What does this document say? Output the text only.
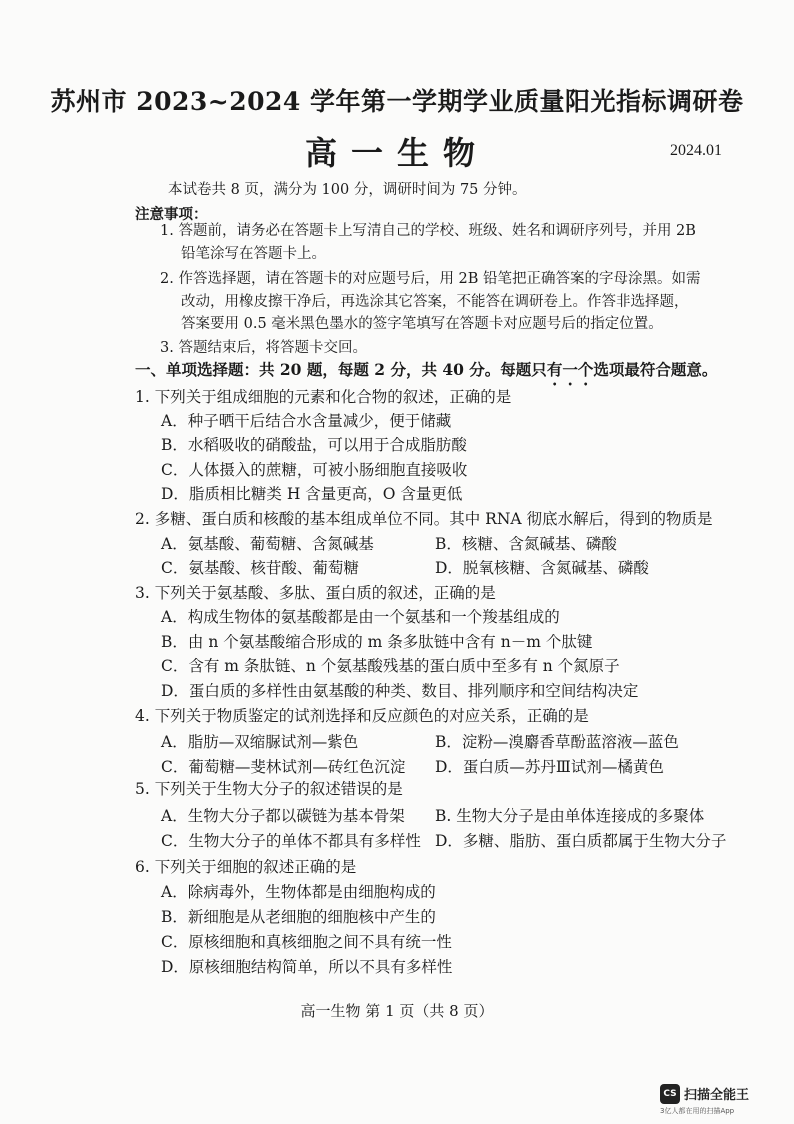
苏州市 2023~2024 学年第一学期学业质量阳光指标调研卷
高一生物	2024.01
本试卷共 8 页，满分为 100 分，调研时间为 75 分钟。
注意事项：
1. 答题前，请务必在答题卡上写清自己的学校、班级、姓名和调研序列号，并用 2B
铅笔涂写在答题卡上。
2. 作答选择题，请在答题卡的对应题号后，用 2B 铅笔把正确答案的字母涂黑。如需
改动，用橡皮擦干净后，再选涂其它答案，不能答在调研卷上。作答非选择题，
答案要用 0.5 毫米黑色墨水的签字笔填写在答题卡对应题号后的指定位置。
3. 答题结束后，将答题卡交回。
一、单项选择题：共 20 题，每题 2 分，共 40 分。每题只有一个选项最符合题意。
1. 下列关于组成细胞的元素和化合物的叙述，正确的是
A．种子晒干后结合水含量减少，便于储藏
B．水稻吸收的硝酸盐，可以用于合成脂肪酸
C．人体摄入的蔗糖，可被小肠细胞直接吸收
D．脂质相比糖类 H 含量更高，O 含量更低
2. 多糖、蛋白质和核酸的基本组成单位不同。其中 RNA 彻底水解后，得到的物质是
A．氨基酸、葡萄糖、含氮碱基	B．核糖、含氮碱基、磷酸
C．氨基酸、核苷酸、葡萄糖	D．脱氧核糖、含氮碱基、磷酸
3. 下列关于氨基酸、多肽、蛋白质的叙述，正确的是
A．构成生物体的氨基酸都是由一个氨基和一个羧基组成的
B．由 n 个氨基酸缩合形成的 m 条多肽链中含有 n－m 个肽键
C．含有 m 条肽链、n 个氨基酸残基的蛋白质中至多有 n 个氮原子
D．蛋白质的多样性由氨基酸的种类、数目、排列顺序和空间结构决定
4. 下列关于物质鉴定的试剂选择和反应颜色的对应关系，正确的是
A．脂肪—双缩脲试剂—紫色	B．淀粉—溴麝香草酚蓝溶液—蓝色
C．葡萄糖—斐林试剂—砖红色沉淀 D．蛋白质—苏丹Ⅲ试剂—橘黄色
5. 下列关于生物大分子的叙述错误的是
A．生物大分子都以碳链为基本骨架 B. 生物大分子是由单体连接成的多聚体
C．生物大分子的单体不都具有多样性 D．多糖、脂肪、蛋白质都属于生物大分子
6. 下列关于细胞的叙述正确的是
A．除病毒外，生物体都是由细胞构成的
B．新细胞是从老细胞的细胞核中产生的
C．原核细胞和真核细胞之间不具有统一性
D．原核细胞结构简单，所以不具有多样性
高一生物 第 1 页（共 8 页）
CS 扫描全能王
3亿人都在用的扫描App
